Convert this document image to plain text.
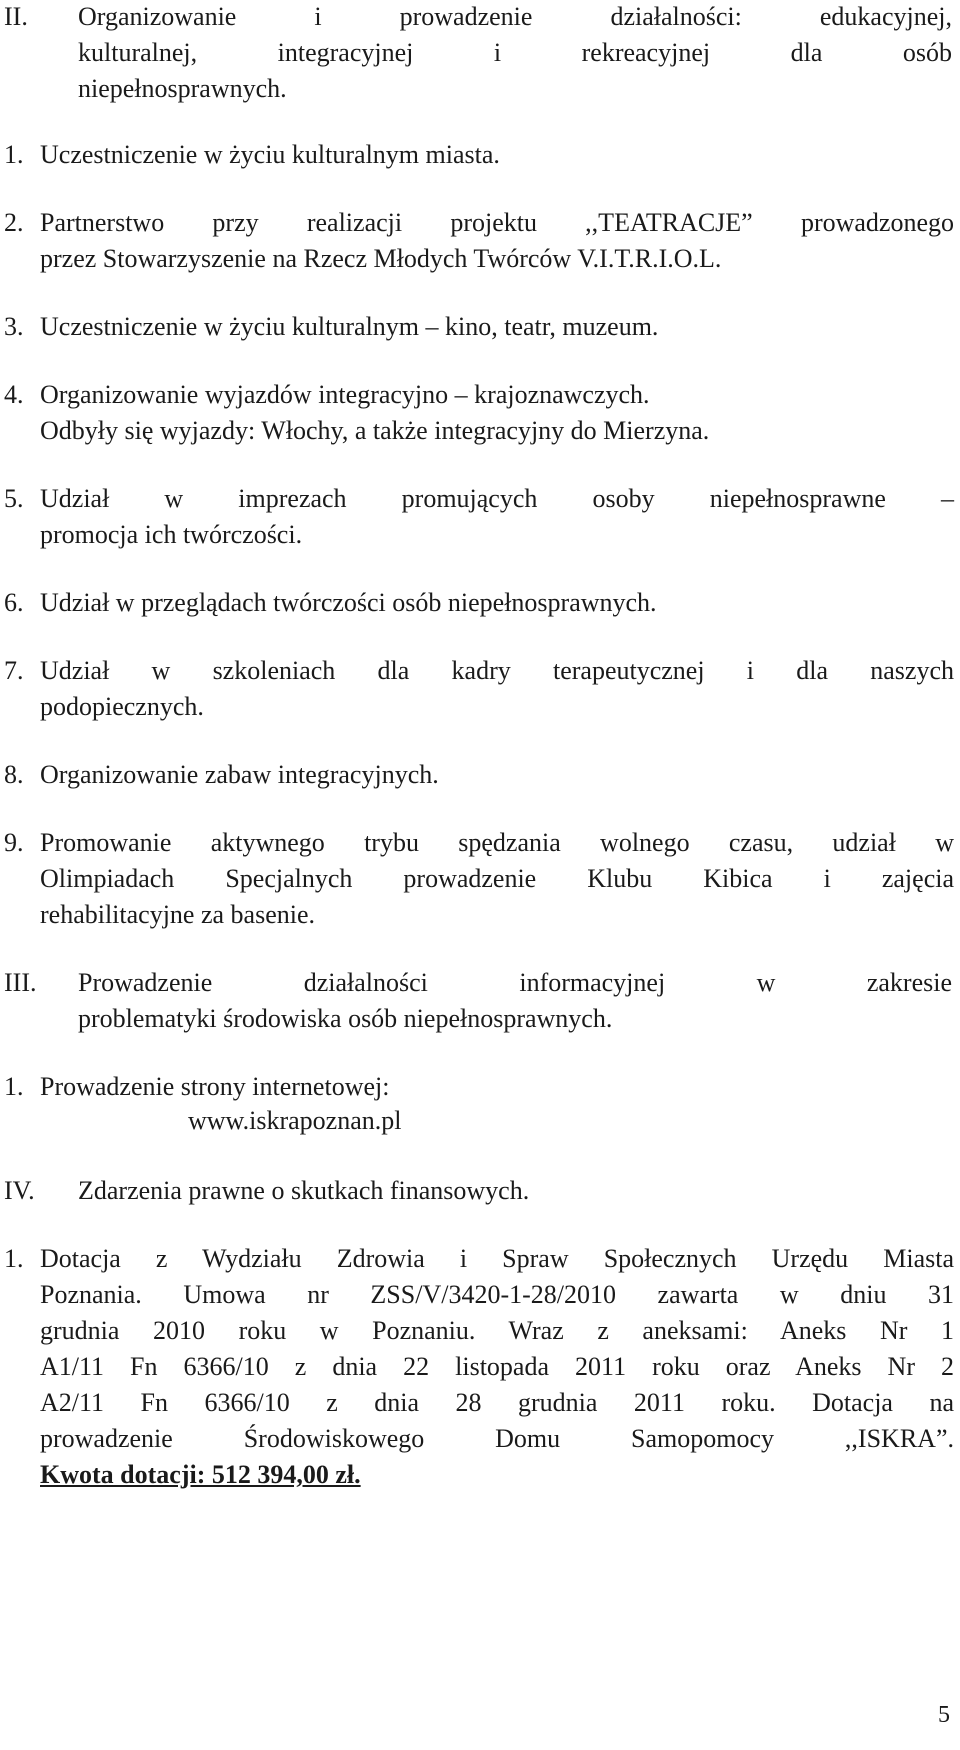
II. Organizowanie i prowadzenie działalności: edukacyjnej,
kulturalnej, integracyjnej i rekreacyjnej dla osób
niepełnosprawnych.
1. Uczestniczenie w życiu kulturalnym miasta.
2. Partnerstwo przy realizacji projektu ,,TEATRACJE” prowadzonego
przez Stowarzyszenie na Rzecz Młodych Twórców V.I.T.R.I.O.L.
3. Uczestniczenie w życiu kulturalnym – kino, teatr, muzeum.
4. Organizowanie wyjazdów integracyjno – krajoznawczych.
Odbyły się wyjazdy: Włochy, a także integracyjny do Mierzyna.
5. Udział w imprezach promujących osoby niepełnosprawne –
promocja ich twórczości.
6. Udział w przeglądach twórczości osób niepełnosprawnych.
7. Udział w szkoleniach dla kadry terapeutycznej i dla naszych
podopiecznych.
8. Organizowanie zabaw integracyjnych.
9. Promowanie aktywnego trybu spędzania wolnego czasu, udział w
Olimpiadach Specjalnych prowadzenie Klubu Kibica i zajęcia
rehabilitacyjne za basenie.
III. Prowadzenie działalności informacyjnej w zakresie
problematyki środowiska osób niepełnosprawnych.
1. Prowadzenie strony internetowej:
www.iskrapoznan.pl
IV. Zdarzenia prawne o skutkach finansowych.
1. Dotacja z Wydziału Zdrowia i Spraw Społecznych Urzędu Miasta
Poznania. Umowa nr ZSS/V/3420-1-28/2010 zawarta w dniu 31
grudnia 2010 roku w Poznaniu. Wraz z aneksami: Aneks Nr 1
A1/11 Fn 6366/10 z dnia 22 listopada 2011 roku oraz Aneks Nr 2
A2/11 Fn 6366/10 z dnia 28 grudnia 2011 roku. Dotacja na
prowadzenie Środowiskowego Domu Samopomocy ,,ISKRA”.
Kwota dotacji: 512 394,00 zł.
5
